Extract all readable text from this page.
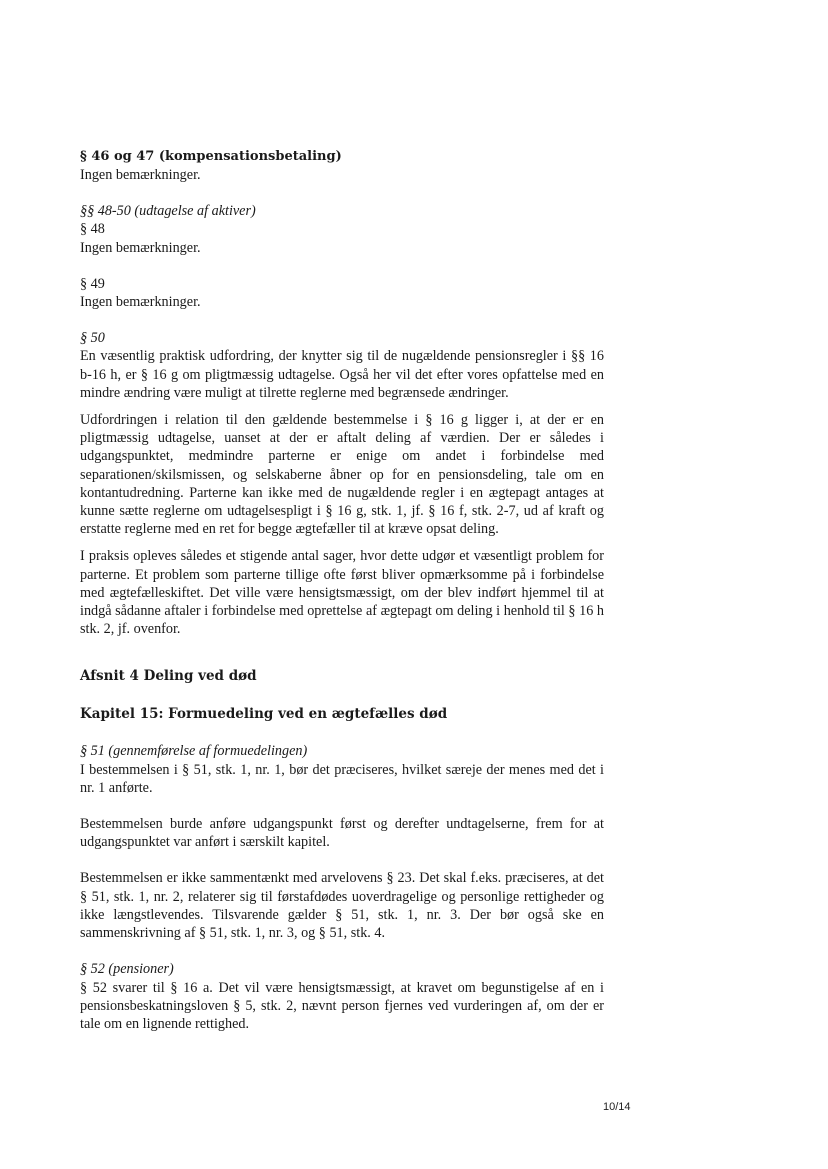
§ 46 og 47 (kompensationsbetaling)

Ingen bemærkninger.

§§ 48-50 (udtagelse af aktiver)

§ 48

Ingen bemærkninger.

§ 49

Ingen bemærkninger.

§ 50

En væsentlig praktisk udfordring, der knytter sig til de nugældende pensionsregler i §§ 16 b-16 h, er § 16 g om pligtmæssig udtagelse. Også her vil det efter vores opfattelse med en mindre ændring være muligt at tilrette reglerne med begrænsede ændringer.

Udfordringen i relation til den gældende bestemmelse i § 16 g ligger i, at der er en pligtmæssig udtagelse, uanset at der er aftalt deling af værdien. Der er således i udgangspunktet, medmindre parterne er enige om andet i forbindelse med separationen/skilsmissen, og selskaberne åbner op for en pensionsdeling, tale om en kontantudredning. Parterne kan ikke med de nugældende regler i en ægtepagt antages at kunne sætte reglerne om udtagelsespligt i § 16 g, stk. 1, jf. § 16 f, stk. 2-7, ud af kraft og erstatte reglerne med en ret for begge ægtefæller til at kræve opsat deling.

I praksis opleves således et stigende antal sager, hvor dette udgør et væsentligt problem for parterne. Et problem som parterne tillige ofte først bliver opmærksomme på i forbindelse med ægtefælleskiftet. Det ville være hensigtsmæssigt, om der blev indført hjemmel til at indgå sådanne aftaler i forbindelse med oprettelse af ægtepagt om deling i henhold til § 16 h stk. 2, jf. ovenfor.

Afsnit 4 Deling ved død

Kapitel 15: Formuedeling ved en ægtefælles død

§ 51 (gennemførelse af formuedelingen)

I bestemmelsen i § 51, stk. 1, nr. 1, bør det præciseres, hvilket særeje der menes med det i nr. 1 anførte.

Bestemmelsen burde anføre udgangspunkt først og derefter undtagelserne, frem for at udgangspunktet var anført i særskilt kapitel.

Bestemmelsen er ikke sammentænkt med arvelovens § 23. Det skal f.eks. præciseres, at det § 51, stk. 1, nr. 2, relaterer sig til førstafdødes uoverdragelige og personlige rettigheder og ikke længstlevendes. Tilsvarende gælder § 51, stk. 1, nr. 3. Der bør også ske en sammenskrivning af § 51, stk. 1, nr. 3, og § 51, stk. 4.

§ 52 (pensioner)

§ 52 svarer til § 16 a. Det vil være hensigtsmæssigt, at kravet om begunstigelse af en i pensionsbeskatningsloven § 5, stk. 2, nævnt person fjernes ved vurderingen af, om der er tale om en lignende rettighed.

10/14
